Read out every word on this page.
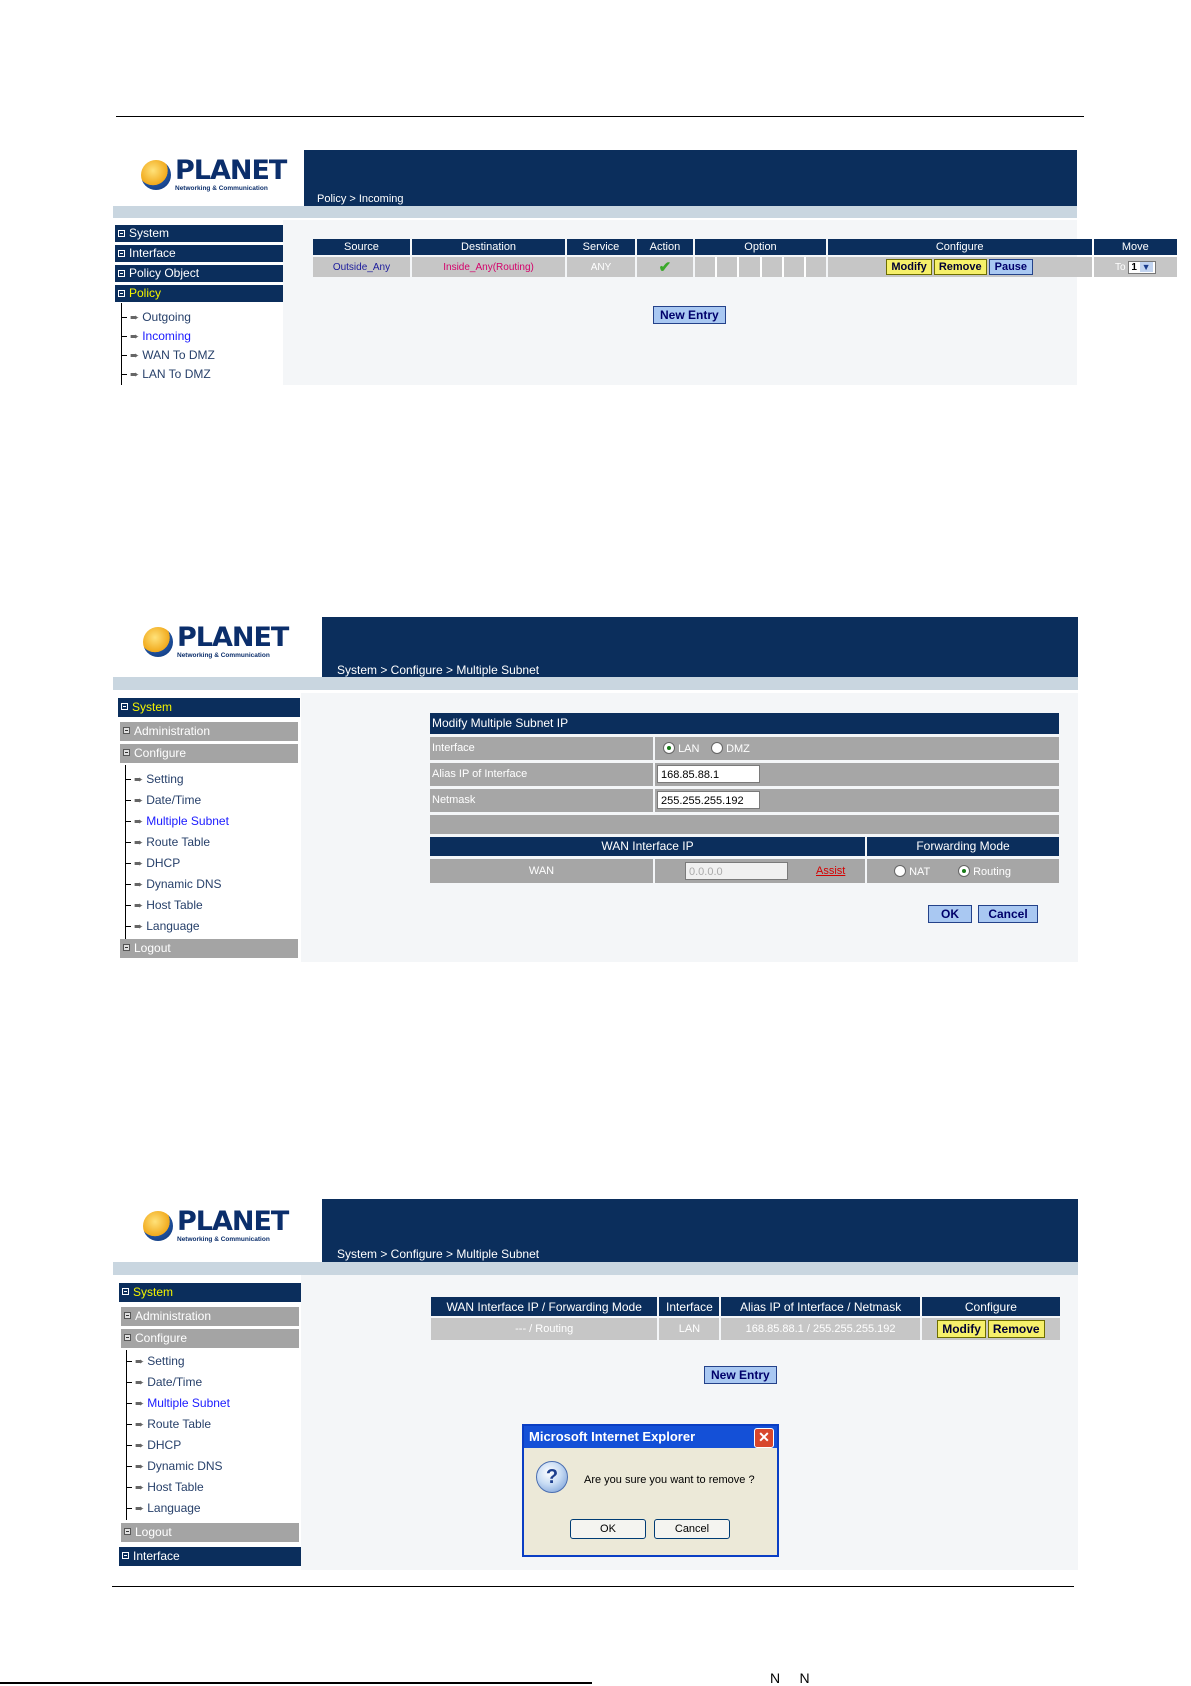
N     N
Policy > Incoming
PLANET
Networking & Communication
System
Interface
Policy Object
Policy
➨ Outgoing
➨ Incoming
➨ WAN To DMZ
➨ LAN To DMZ
Source	Destination	Service	Action	Option	Configure	Move
Outside_Any	Inside_Any(Routing)	ANY	✔		Modify Remove Pause	To 1 ▼
New Entry
System > Configure > Multiple Subnet
PLANET
Networking & Communication
System
Administration
Configure
➨ Setting
➨ Date/Time
➨ Multiple Subnet
➨ Route Table
➨ DHCP
➨ Dynamic DNS
➨ Host Table
➨ Language
Logout
Modify Multiple Subnet IP
Interface	LAN	DMZ
Alias IP of Interface	168.85.88.1
Netmask	255.255.255.192
WAN Interface IP	Forwarding Mode
WAN	0.0.0.0	Assist	NAT	Routing
OK	Cancel
System > Configure > Multiple Subnet
PLANET
Networking & Communication
System
Administration
Configure
➨ Setting
➨ Date/Time
➨ Multiple Subnet
➨ Route Table
➨ DHCP
➨ Dynamic DNS
➨ Host Table
➨ Language
Logout
Interface
WAN Interface IP / Forwarding Mode	Interface	Alias IP of Interface / Netmask	Configure
--- / Routing	LAN	168.85.88.1 / 255.255.255.192	Modify Remove
New Entry
Microsoft Internet Explorer	✕
?	Are you sure you want to remove ?
OK	Cancel
